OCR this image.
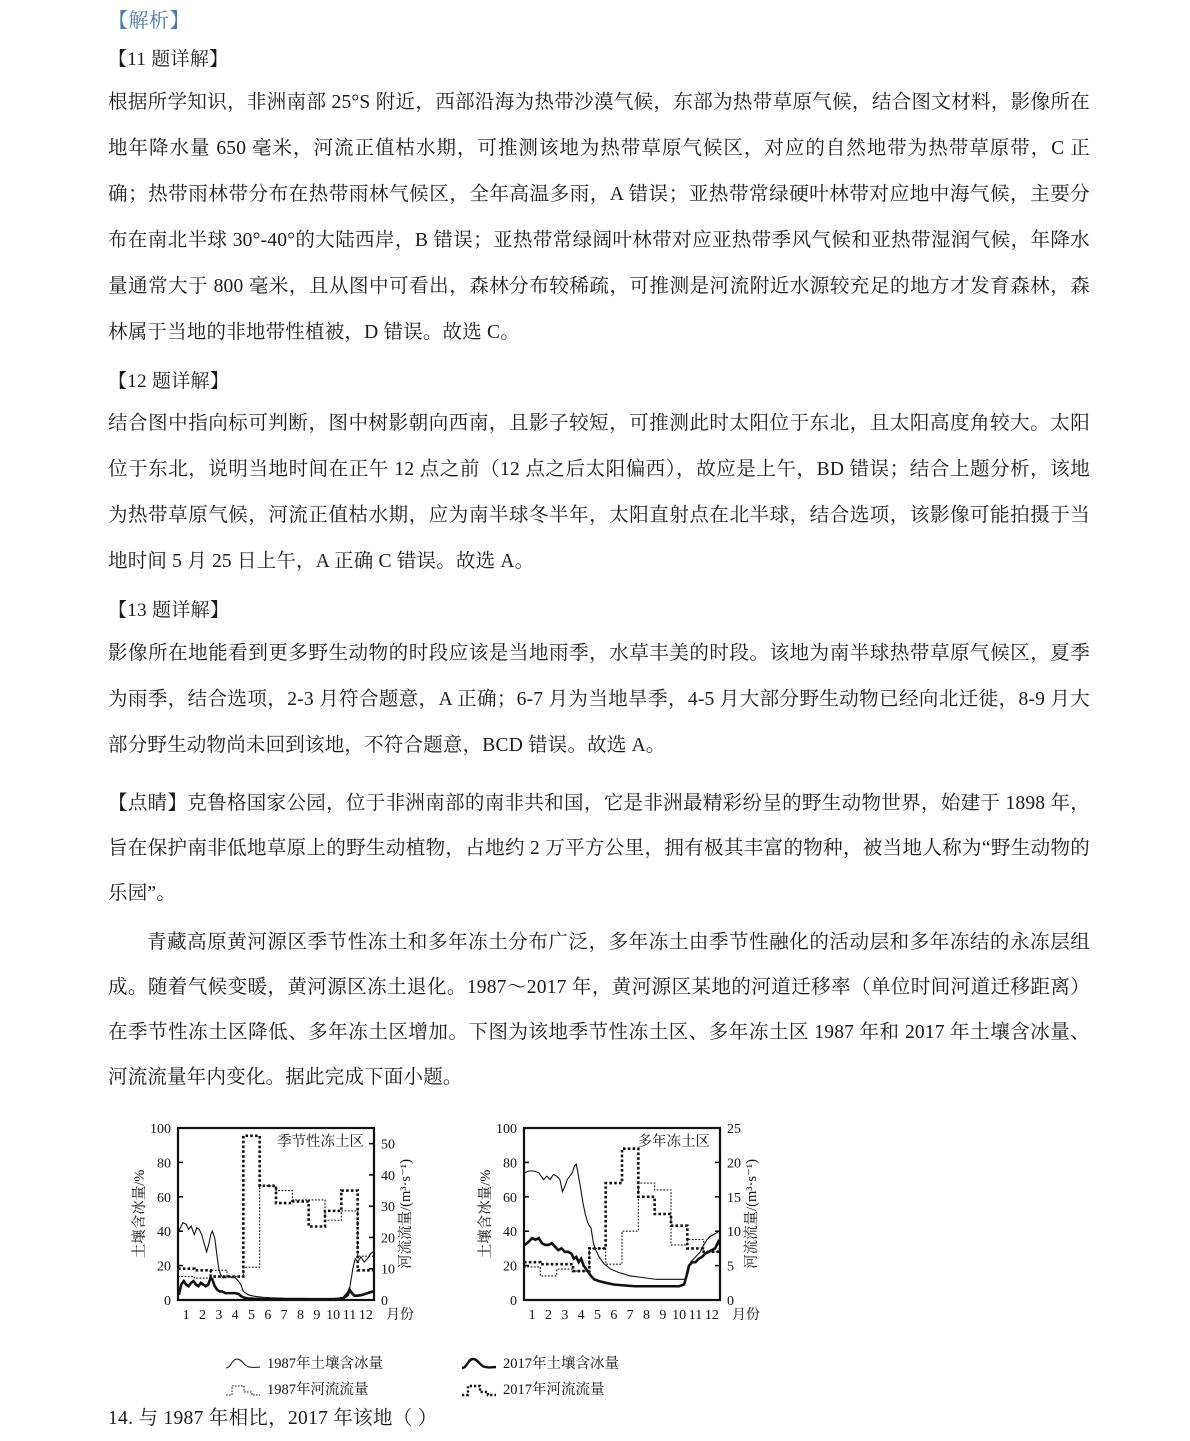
【解析】
【11 题详解】

根据所学知识，非洲南部 25°S 附近，西部沿海为热带沙漠气候，东部为热带草原气候，结合图文材料，影像所在地年降水量 650 毫米，河流正值枯水期，可推测该地为热带草原气候区，对应的自然地带为热带草原带，C 正确；热带雨林带分布在热带雨林气候区，全年高温多雨，A 错误；亚热带常绿硬叶林带对应地中海气候，主要分布在南北半球 30°-40°的大陆西岸，B 错误；亚热带常绿阔叶林带对应亚热带季风气候和亚热带湿润气候，年降水量通常大于 800 毫米，且从图中可看出，森林分布较稀疏，可推测是河流附近水源较充足的地方才发育森林，森林属于当地的非地带性植被，D 错误。故选 C。

【12 题详解】

结合图中指向标可判断，图中树影朝向西南，且影子较短，可推测此时太阳位于东北，且太阳高度角较大。太阳位于东北，说明当地时间在正午 12 点之前（12 点之后太阳偏西），故应是上午，BD 错误；结合上题分析，该地为热带草原气候，河流正值枯水期，应为南半球冬半年，太阳直射点在北半球，结合选项，该影像可能拍摄于当地时间 5 月 25 日上午，A 正确 C 错误。故选 A。

【13 题详解】

影像所在地能看到更多野生动物的时段应该是当地雨季，水草丰美的时段。该地为南半球热带草原气候区，夏季为雨季，结合选项，2-3 月符合题意，A 正确；6-7 月为当地旱季，4-5 月大部分野生动物已经向北迁徙，8-9 月大部分野生动物尚未回到该地，不符合题意，BCD 错误。故选 A。

【点睛】克鲁格国家公园，位于非洲南部的南非共和国，它是非洲最精彩纷呈的野生动物世界，始建于 1898 年，旨在保护南非低地草原上的野生动植物，占地约 2 万平方公里，拥有极其丰富的物种，被当地人称为“野生动物的乐园”。

青藏高原黄河源区季节性冻土和多年冻土分布广泛，多年冻土由季节性融化的活动层和多年冻结的永冻层组成。随着气候变暖，黄河源区冻土退化。1987～2017 年，黄河源区某地的河道迁移率（单位时间河道迁移距离）在季节性冻土区降低、多年冻土区增加。下图为该地季节性冻土区、多年冻土区 1987 年和 2017 年土壤含冰量、河流流量年内变化。据此完成下面小题。

0
20
40
60
80
100
0
10
20
30
40
50
1 2 3 4 5 6 7 8 9 10 11 12 月份
土壤含冰量/%	河流流量/(m³·s⁻¹)
季节性冻土区
0
20
40
60
80
100
0
5
10
15
20
25
1 2 3 4 5 6 7 8 9 10 11 12 月份
土壤含冰量/%	河流流量/(m³·s⁻¹)
多年冻土区
1987年土壤含冰量	2017年土壤含冰量
1987年河流流量	2017年河流流量
14. 与 1987 年相比，2017 年该地（ ）
